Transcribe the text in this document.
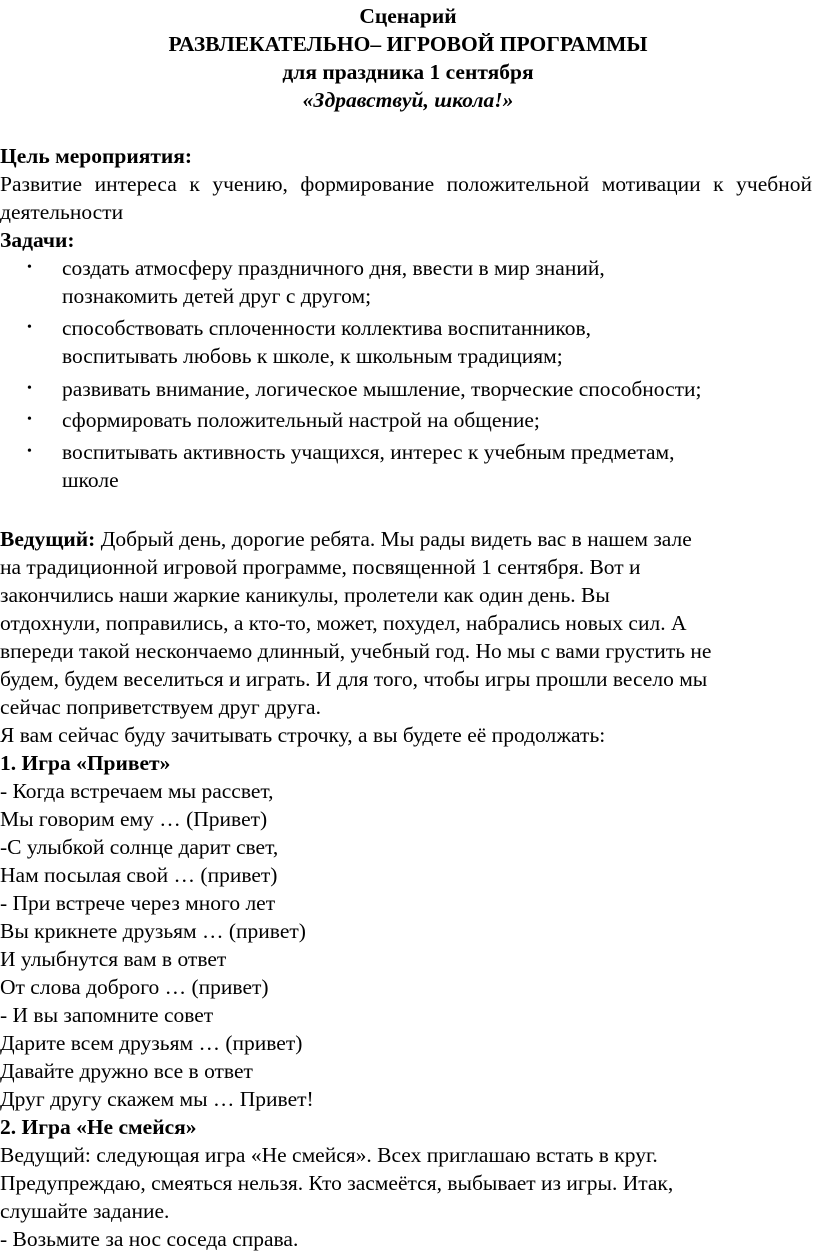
Сценарий
РАЗВЛЕКАТЕЛЬНО– ИГРОВОЙ ПРОГРАММЫ
для праздника 1 сентября
«Здравствуй, школа!»
Цель мероприятия:
Развитие интереса к учению, формирование положительной мотивации к учебной деятельности
Задачи:
• создать атмосферу праздничного дня, ввести в мир знаний,
познакомить детей друг с другом;
• способствовать сплоченности коллектива воспитанников,
воспитывать любовь к школе, к школьным традициям;
• развивать внимание, логическое мышление, творческие способности;
• сформировать положительный настрой на общение;
• воспитывать активность учащихся, интерес к учебным предметам,
школе
Ведущий: Добрый день, дорогие ребята. Мы рады видеть вас в нашем зале
на традиционной игровой программе, посвященной 1 сентября. Вот и
закончились наши жаркие каникулы, пролетели как один день. Вы
отдохнули, поправились, а кто-то, может, похудел, набрались новых сил. А
впереди такой нескончаемо длинный, учебный год. Но мы с вами грустить не
будем, будем веселиться и играть. И для того, чтобы игры прошли весело мы
сейчас поприветствуем друг друга.
Я вам сейчас буду зачитывать строчку, а вы будете её продолжать:
1. Игра «Привет»
- Когда встречаем мы рассвет,
Мы говорим ему … (Привет)
-С улыбкой солнце дарит свет,
Нам посылая свой … (привет)
- При встрече через много лет
Вы крикнете друзьям … (привет)
И улыбнутся вам в ответ
От слова доброго … (привет)
- И вы запомните совет
Дарите всем друзьям … (привет)
Давайте дружно все в ответ
Друг другу скажем мы … Привет!
2. Игра «Не смейся»
Ведущий: следующая игра «Не смейся». Всех приглашаю встать в круг.
Предупреждаю, смеяться нельзя. Кто засмеётся, выбывает из игры. Итак,
слушайте задание.
- Возьмите за нос соседа справа.
